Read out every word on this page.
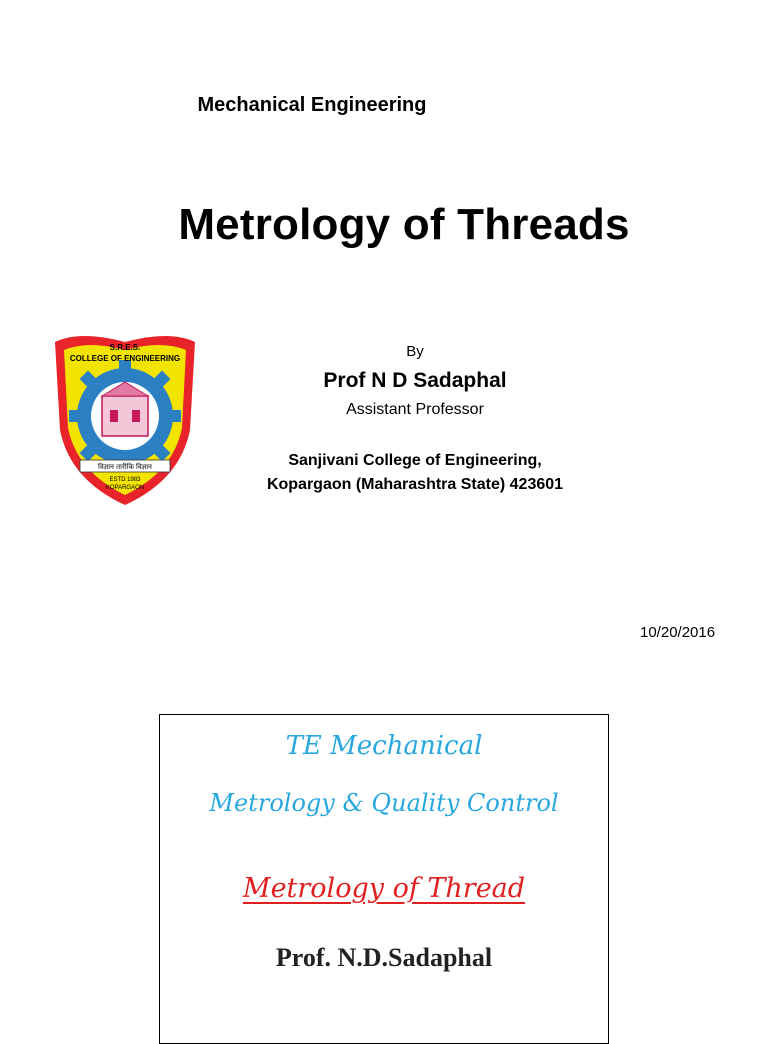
Mechanical Engineering
Metrology of Threads
S.R.E.S.
COLLEGE OF ENGINEERING
विज्ञान तारीकि विज्ञान
ESTD 1983
KOPARGAON
By
Prof N D Sadaphal
Assistant Professor
Sanjivani College of Engineering,
Kopargaon (Maharashtra State) 423601
10/20/2016
TE Mechanical
Metrology & Quality Control
Metrology of Thread
Prof. N.D.Sadaphal
